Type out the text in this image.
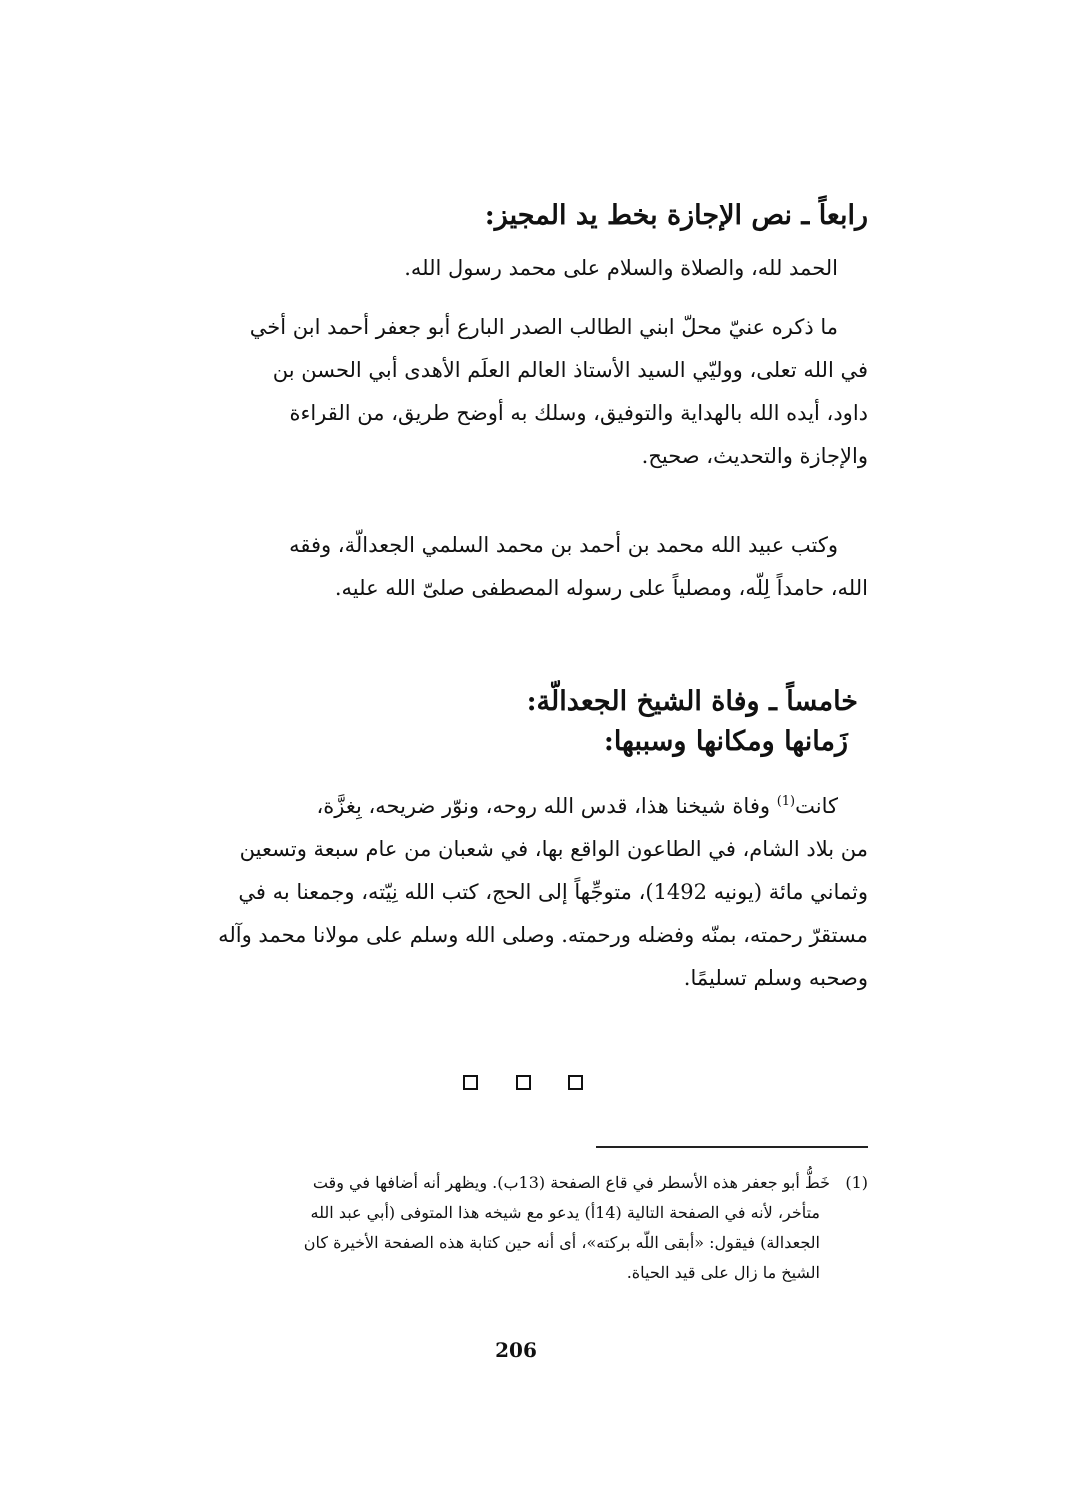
رابعاً ـ نص الإجازة بخط يد المجيز:

الحمد لله، والصلاة والسلام على محمد رسول الله.

ما ذكره عنيّ محلّ ابني الطالب الصدر البارع أبو جعفر أحمد ابن أخي
في الله تعلى، ووليّي السيد الأستاذ العالم العلَم الأهدى أبي الحسن بن
داود، أيده الله بالهداية والتوفيق، وسلك به أوضح طريق، من القراءة
والإجازة والتحديث، صحيح.

وكتب عبيد الله محمد بن أحمد بن محمد السلمي الجعدالّة، وفقه
الله، حامداً لِلّه، ومصلياً على رسوله المصطفى صلىّ الله عليه.

خامساً ـ وفاة الشيخ الجعدالّة:
زَمانها ومكانها وسببها:

كانت$^{(1)}$ وفاة شيخنا هذا، قدس الله روحه، ونوّر ضريحه، بِغزَّة،
من بلاد الشام، في الطاعون الواقع بها، في شعبان من عام سبعة وتسعين
وثماني مائة (يونيه 1492)، متوجِّهاً إلى الحج، كتب الله نِيّته، وجمعنا به في
مستقرّ رحمته، بمنّه وفضله ورحمته. وصلى الله وسلم على مولانا محمد وآله
وصحبه وسلم تسليمًا.

(1)خَطُّ أبو جعفر هذه الأسطر في قاع الصفحة (13ب). ويظهر أنه أضافها في وقت
متأخر، لأنه في الصفحة التالية (14أ) يدعو مع شيخه هذا المتوفى (أبي عبد الله
الجعدالة) فيقول: «أبقى اللّه بركته»، أى أنه حين كتابة هذه الصفحة الأخيرة كان
الشيخ ما زال على قيد الحياة.
206
